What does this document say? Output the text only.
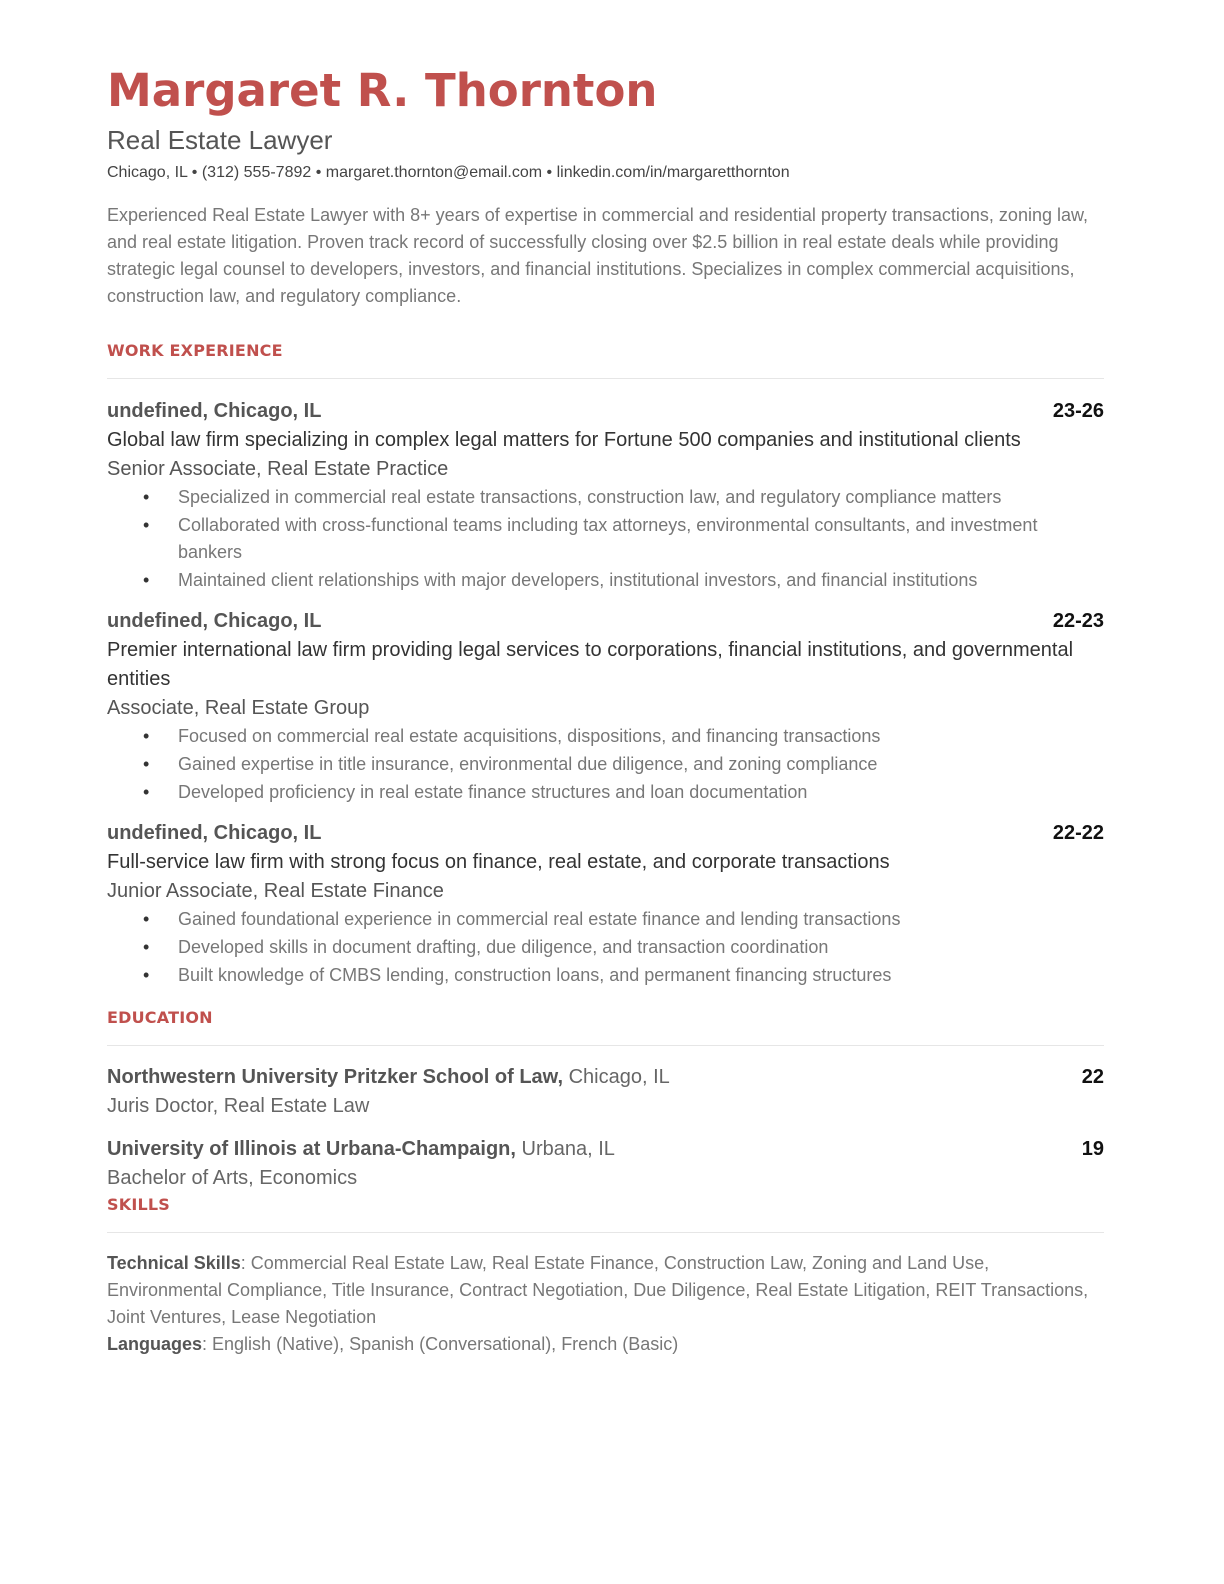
Margaret R. Thornton
Real Estate Lawyer
Chicago, IL • (312) 555-7892 • margaret.thornton@email.com • linkedin.com/in/margaretthornton
Experienced Real Estate Lawyer with 8+ years of expertise in commercial and residential property transactions, zoning law, and real estate litigation. Proven track record of successfully closing over $2.5 billion in real estate deals while providing strategic legal counsel to developers, investors, and financial institutions. Specializes in complex commercial acquisitions, construction law, and regulatory compliance.
WORK EXPERIENCE
undefined, Chicago, IL	23-26
Global law firm specializing in complex legal matters for Fortune 500 companies and institutional clients
Senior Associate, Real Estate Practice
• Specialized in commercial real estate transactions, construction law, and regulatory compliance matters
• Collaborated with cross-functional teams including tax attorneys, environmental consultants, and investment bankers
• Maintained client relationships with major developers, institutional investors, and financial institutions
undefined, Chicago, IL	22-23
Premier international law firm providing legal services to corporations, financial institutions, and governmental entities
Associate, Real Estate Group
• Focused on commercial real estate acquisitions, dispositions, and financing transactions
• Gained expertise in title insurance, environmental due diligence, and zoning compliance
• Developed proficiency in real estate finance structures and loan documentation
undefined, Chicago, IL	22-22
Full-service law firm with strong focus on finance, real estate, and corporate transactions
Junior Associate, Real Estate Finance
• Gained foundational experience in commercial real estate finance and lending transactions
• Developed skills in document drafting, due diligence, and transaction coordination
• Built knowledge of CMBS lending, construction loans, and permanent financing structures
EDUCATION
Northwestern University Pritzker School of Law, Chicago, IL	22
Juris Doctor, Real Estate Law
University of Illinois at Urbana-Champaign, Urbana, IL	19
Bachelor of Arts, Economics
SKILLS

Technical Skills: Commercial Real Estate Law, Real Estate Finance, Construction Law, Zoning and Land Use, Environmental Compliance, Title Insurance, Contract Negotiation, Due Diligence, Real Estate Litigation, REIT Transactions, Joint Ventures, Lease Negotiation

Languages: English (Native), Spanish (Conversational), French (Basic)
